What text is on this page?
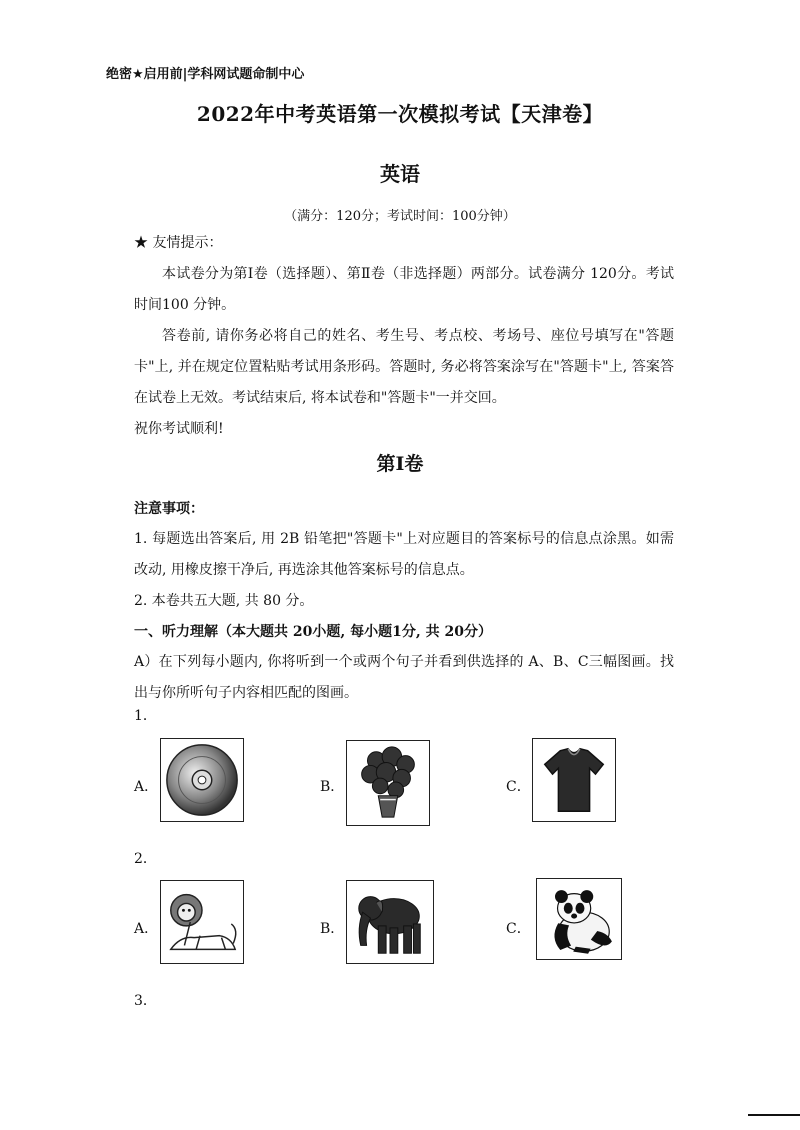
绝密★启用前|学科网试题命制中心
2022年中考英语第一次模拟考试【天津卷】
英语
（满分：120分；考试时间：100分钟）
★ 友情提示：
本试卷分为第Ⅰ卷（选择题）、第Ⅱ卷（非选择题）两部分。试卷满分 120分。考试时间100 分钟。
答卷前, 请你务必将自己的姓名、考生号、考点校、考场号、座位号填写在"答题卡"上, 并在规定位置粘贴考试用条形码。答题时, 务必将答案涂写在"答题卡"上, 答案答在试卷上无效。考试结束后, 将本试卷和"答题卡"一并交回。
祝你考试顺利!
第Ⅰ卷
注意事项：
1. 每题选出答案后, 用 2B 铅笔把"答题卡"上对应题目的答案标号的信息点涂黑。如需改动, 用橡皮擦干净后, 再选涂其他答案标号的信息点。
2. 本卷共五大题, 共 80 分。
一、听力理解（本大题共 20小题, 每小题1分, 共 20分）
A）在下列每小题内, 你将听到一个或两个句子并看到供选择的 A、B、C三幅图画。找出与你所听句子内容相匹配的图画。
1．
A．	B．	C．
2．
A．	B．	C．
3．
